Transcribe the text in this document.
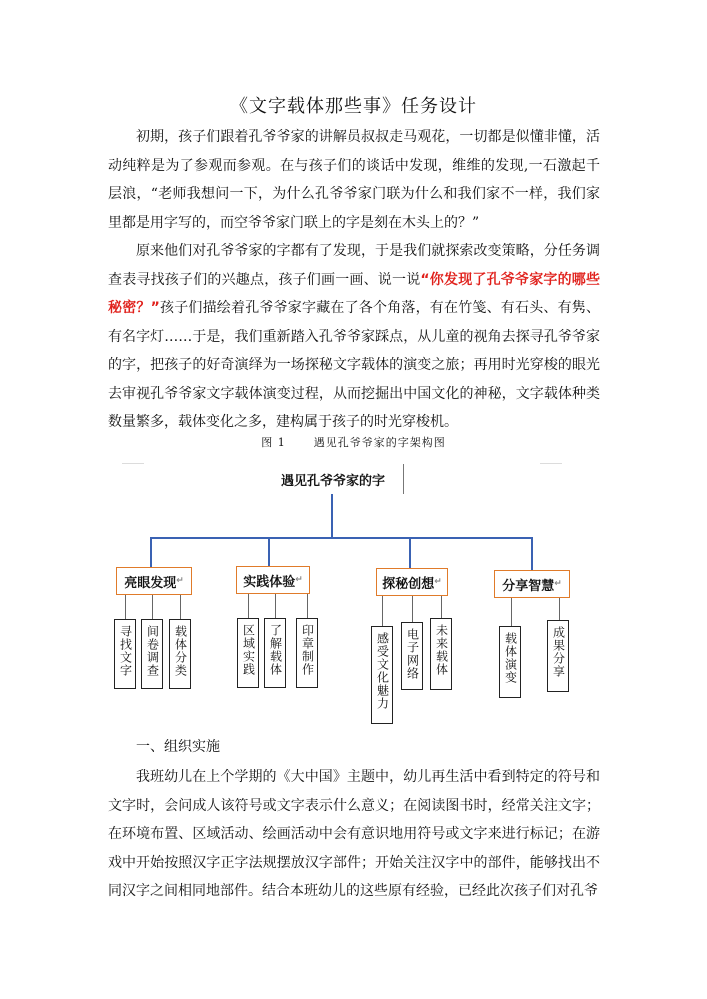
《文字载体那些事》任务设计

初期，孩子们跟着孔爷爷家的讲解员叔叔走马观花，一切都是似懂非懂，活动纯粹是为了参观而参观。在与孩子们的谈话中发现，维维的发现,一石激起千层浪，“老师我想问一下，为什么孔爷爷家门联为什么和我们家不一样，我们家里都是用字写的，而空爷爷家门联上的字是刻在木头上的？”

原来他们对孔爷爷家的字都有了发现，于是我们就探索改变策略，分任务调查表寻找孩子们的兴趣点，孩子们画一画、说一说“你发现了孔爷爷家字的哪些秘密？”孩子们描绘着孔爷爷家字藏在了各个角落，有在竹笺、有石头、有隽、有名字灯……于是，我们重新踏入孔爷爷家踩点，从儿童的视角去探寻孔爷爷家的字，把孩子的好奇演绎为一场探秘文字载体的演变之旅；再用时光穿梭的眼光去审视孔爷爷家文字载体演变过程，从而挖掘出中国文化的神秘，文字载体种类数量繁多，载体变化之多，建构属于孩子的时光穿梭机。

图 1	遇见孔爷爷家的字架构图
遇见孔爷爷家的字
亮眼发现 ↵	实践体验 ↵	探秘创想 ↵	分享智慧 ↵
寻找文字	间卷调查	载体分类	区域实践	了解载体	印章制作	感受文化魅力	电子网络	未来载体	载体演变	成果分享
一、组织实施

我班幼儿在上个学期的《大中国》主题中，幼儿再生活中看到特定的符号和文字时，会问成人该符号或文字表示什么意义；在阅读图书时，经常关注文字；在环境布置、区域活动、绘画活动中会有意识地用符号或文字来进行标记；在游戏中开始按照汉字正字法规摆放汉字部件；开始关注汉字中的部件，能够找出不同汉字之间相同地部件。结合本班幼儿的这些原有经验，已经此次孩子们对孔爷
